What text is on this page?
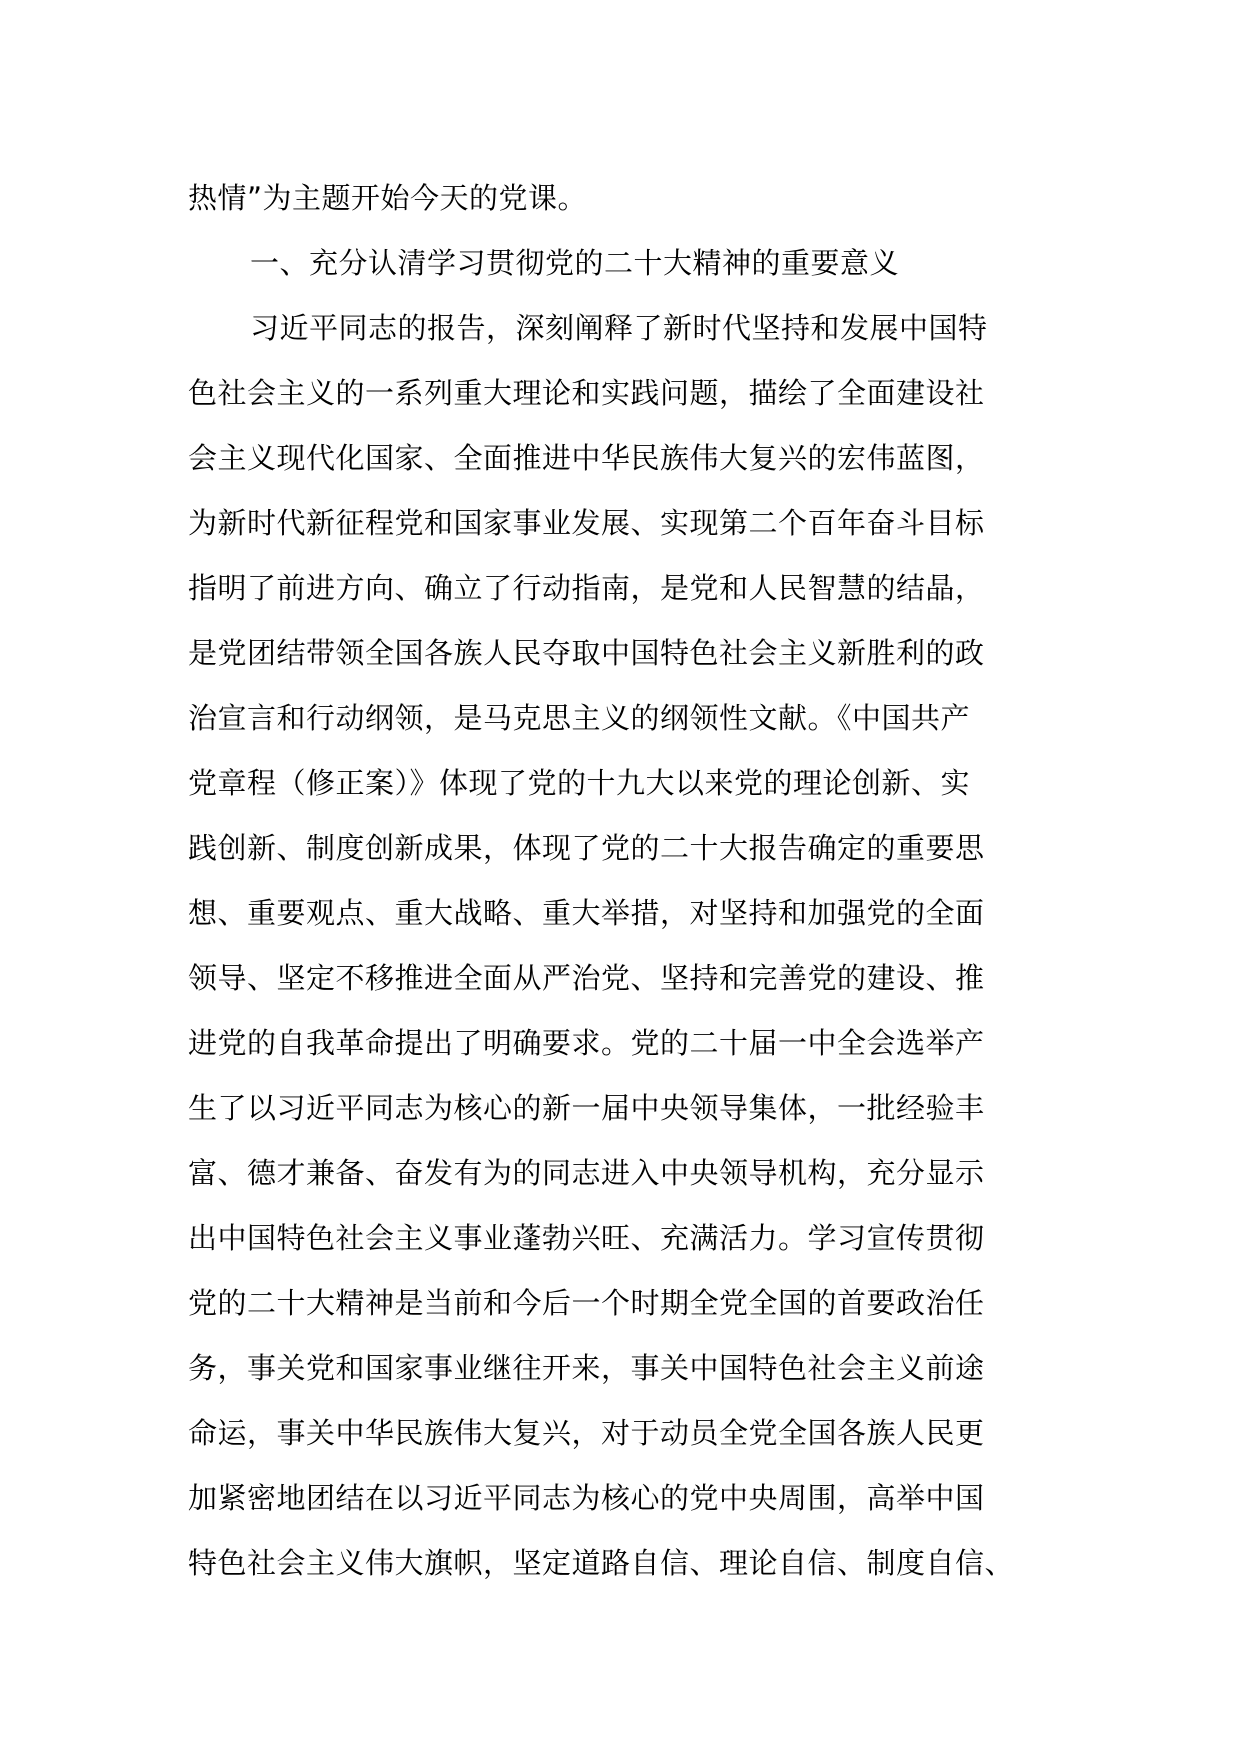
热情”为主题开始今天的党课。
一、充分认清学习贯彻党的二十大精神的重要意义
习近平同志的报告，深刻阐释了新时代坚持和发展中国特
色社会主义的一系列重大理论和实践问题，描绘了全面建设社
会主义现代化国家、全面推进中华民族伟大复兴的宏伟蓝图，
为新时代新征程党和国家事业发展、实现第二个百年奋斗目标
指明了前进方向、确立了行动指南，是党和人民智慧的结晶，
是党团结带领全国各族人民夺取中国特色社会主义新胜利的政
治宣言和行动纲领，是马克思主义的纲领性文献。《中国共产
党章程（修正案）》体现了党的十九大以来党的理论创新、实
践创新、制度创新成果，体现了党的二十大报告确定的重要思
想、重要观点、重大战略、重大举措，对坚持和加强党的全面
领导、坚定不移推进全面从严治党、坚持和完善党的建设、推
进党的自我革命提出了明确要求。党的二十届一中全会选举产
生了以习近平同志为核心的新一届中央领导集体，一批经验丰
富、德才兼备、奋发有为的同志进入中央领导机构，充分显示
出中国特色社会主义事业蓬勃兴旺、充满活力。学习宣传贯彻
党的二十大精神是当前和今后一个时期全党全国的首要政治任
务，事关党和国家事业继往开来，事关中国特色社会主义前途
命运，事关中华民族伟大复兴，对于动员全党全国各族人民更
加紧密地团结在以习近平同志为核心的党中央周围，高举中国
特色社会主义伟大旗帜，坚定道路自信、理论自信、制度自信、
